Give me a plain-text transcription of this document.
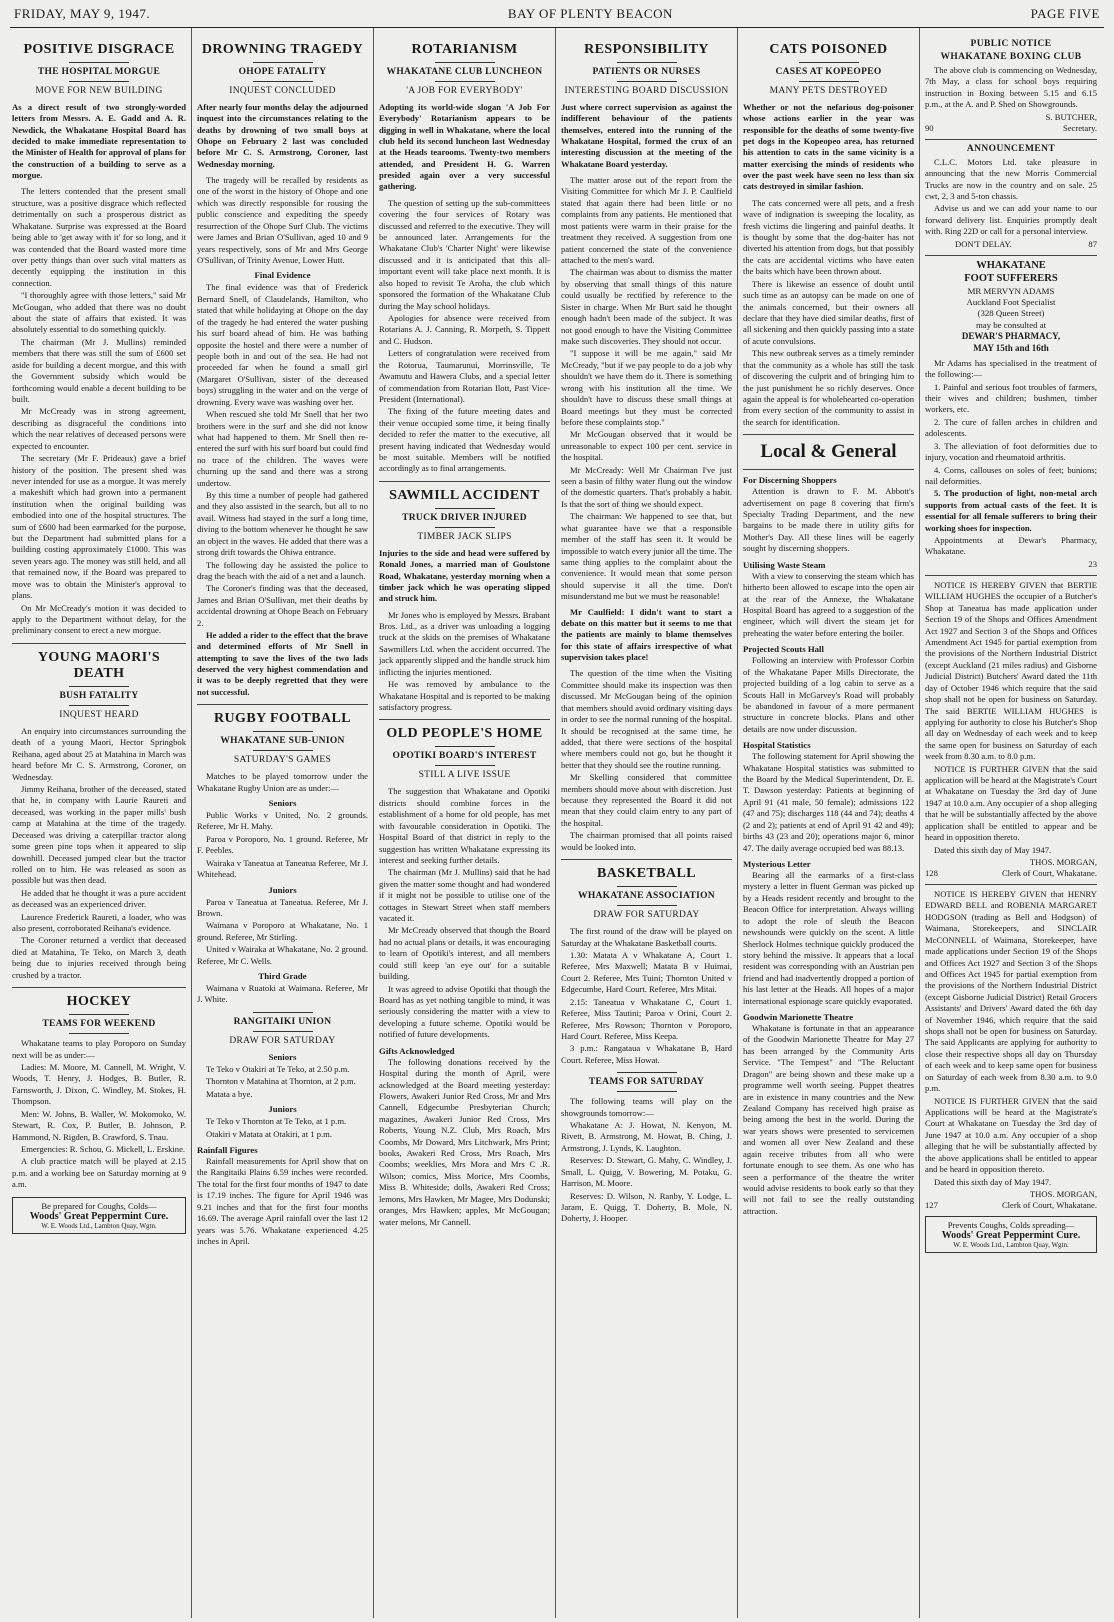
FRIDAY, MAY 9, 1947.	BAY OF PLENTY BEACON	PAGE FIVE
POSITIVE DISGRACE
THE HOSPITAL MORGUE
MOVE FOR NEW BUILDING
As a direct result of two strongly-worded letters from Messrs. A. E. Gadd and A. R. Newdick, the Whakatane Hospital Board has decided to make immediate representation to the Minister of Health for approval of plans for the construction of a building to serve as a morgue.
The letters contended that the present small structure, was a positive disgrace which reflected detrimentally on such a prosperous district as Whakatane. Surprise was expressed at the Board being able to 'get away with it' for so long, and it was contended that the Board wasted more time over petty things than over such vital matters as decently equipping the institution in this connection.
"I thoroughly agree with those letters," said Mr McGougan, who added that there was no doubt about the state of affairs that existed. It was absolutely essential to do something quickly.
The chairman (Mr J. Mullins) reminded members that there was still the sum of £600 set aside for building a decent morgue, and this with the Government subsidy which would be forthcoming would enable a decent building to be built.
Mr McCready was in strong agreement, describing as disgraceful the conditions into which the near relatives of deceased persons were expected to encounter.
The secretary (Mr F. Prideaux) gave a brief history of the position. The present shed was never intended for use as a morgue. It was merely a makeshift which had grown into a permanent institution when the original building was embodied into one of the hospital structures. The sum of £600 had been earmarked for the purpose, but the Department had submitted plans for a building costing approximately £1000. This was seven years ago. The money was still held, and all that remained now, if the Board was prepared to move was to obtain the Minister's approval to plans.
On Mr McCready's motion it was decided to apply to the Department without delay, for the preliminary consent to erect a new morgue.
YOUNG MAORI'S DEATH
BUSH FATALITY
INQUEST HEARD
An enquiry into circumstances surrounding the death of a young Maori, Hector Springbok Reihana, aged about 25 at Matahina in March was heard before Mr C. S. Armstrong, Coroner, on Wednesday.
Jimmy Reihana, brother of the deceased, stated that he, in company with Laurie Raureti and deceased, was working in the paper mills' bush camp at Matahina at the time of the tragedy. Deceased was driving a caterpillar tractor along some green pine tops when it appeared to slip downhill. Deceased jumped clear but the tractor rolled on to him. He was released as soon as possible but was then dead.
He added that he thought it was a pure accident as deceased was an experienced driver.
Laurence Frederick Raureti, a loader, who was also present, corroborated Reihana's evidence.
The Coroner returned a verdict that deceased died at Matahina, Te Teko, on March 3, death being due to injuries received through being crushed by a tractor.
HOCKEY
TEAMS FOR WEEKEND
Whakatane teams to play Poroporo on Sunday next will be as under:—
Ladies: M. Moore, M. Cannell, M. Wright, V. Woods, T. Henry, J. Hodges, B. Butler, R. Farnsworth, J. Dixon, C. Windley, M. Stokes, H. Thompson.
Men: W. Johns, B. Waller, W. Mokomoko, W. Stewart, R. Cox, P. Butler, B. Johnson, P. Hammond, N. Rigden, B. Crawford, S. Tnau.
Emergencies: R. Schou, G. Mickell, L. Erskine.
A club practice match will be played at 2.15 p.m. and a working bee on Saturday morning at 9 a.m.
Be prepared for Coughs, Colds—
Woods' Great Peppermint Cure.
W. E. Woods Ltd., Lambton Quay, Wgtn.
DROWNING TRAGEDY
OHOPE FATALITY
INQUEST CONCLUDED
After nearly four months delay the adjourned inquest into the circumstances relating to the deaths by drowning of two small boys at Ohope on February 2 last was concluded before Mr C. S. Armstrong, Coroner, last Wednesday morning.
The tragedy will be recalled by residents as one of the worst in the history of Ohope and one which was directly responsible for rousing the public conscience and expediting the speedy resurrection of the Ohope Surf Club. The victims were James and Brian O'Sullivan, aged 10 and 9 years respectively, sons of Mr and Mrs George O'Sullivan, of Trinity Avenue, Lower Hutt.
Final Evidence
The final evidence was that of Frederick Bernard Snell, of Claudelands, Hamilton, who stated that while holidaying at Ohope on the day of the tragedy he had entered the water pushing his surf board ahead of him. He was bathing opposite the hostel and there were a number of people both in and out of the sea. He had not proceeded far when he found a small girl (Margaret O'Sullivan, sister of the deceased boys) struggling in the water and on the verge of drowning. Every wave was washing over her.
When rescued she told Mr Snell that her two brothers were in the surf and she did not know what had happened to them. Mr Snell then re-entered the surf with his surf board but could find no trace of the children. The waves were churning up the sand and there was a strong undertow.
By this time a number of people had gathered and they also assisted in the search, but all to no avail. Witness had stayed in the surf a long time, diving to the bottom whenever he thought he saw an object in the waves. He added that there was a strong drift towards the Ohiwa entrance.
The following day he assisted the police to drag the beach with the aid of a net and a launch.
The Coroner's finding was that the deceased, James and Brian O'Sullivan, met their deaths by accidental drowning at Ohope Beach on February 2.
He added a rider to the effect that the brave and determined efforts of Mr Snell in attempting to save the lives of the two lads deserved the very highest commendation and it was to be deeply regretted that they were not successful.
RUGBY FOOTBALL
WHAKATANE SUB-UNION
SATURDAY'S GAMES
Matches to be played tomorrow under the Whakatane Rugby Union are as under:—
Seniors
Public Works v United, No. 2 grounds. Referee, Mr H. Mahy.
Paroa v Poroporo, No. 1 ground. Referee, Mr F. Peebles.
Wairaka v Taneatua at Taneatua Referee, Mr J. Whitehead.
Juniors
Paroa v Taneatua at Taneatua. Referee, Mr J. Brown.
Waimana v Poroporo at Whakatane, No. 1 ground. Referee, Mr Stirling.
United v Wairaka at Whakatane, No. 2 ground. Referee, Mr C. Wells.
Third Grade
Waimana v Ruatoki at Waimana. Referee, Mr J. White.
RANGITAIKI UNION
DRAW FOR SATURDAY
Seniors
Te Teko v Otakiri at Te Teko, at 2.50 p.m.
Thornton v Matahina at Thornton, at 2 p.m.
Matata a bye.
Juniors
Te Teko v Thornton at Te Teko, at 1 p.m.
Otakiri v Matata at Otakiri, at 1 p.m.
Rainfall Figures
Rainfall measurements for April show that on the Rangitaiki Plains 6.59 inches were recorded. The total for the first four months of 1947 to date is 17.19 inches. The figure for April 1946 was 9.21 inches and that for the first four months 16.69. The average April rainfall over the last 12 years was 5.76. Whakatane experienced 4.25 inches in April.
ROTARIANISM
WHAKATANE CLUB LUNCHEON
'A JOB FOR EVERYBODY'
Adopting its world-wide slogan 'A Job For Everybody' Rotarianism appears to be digging in well in Whakatane, where the local club held its second luncheon last Wednesday at the Heads tearooms. Twenty-two members attended, and President H. G. Warren presided again over a very successful gathering.
The question of setting up the sub-committees covering the four services of Rotary was discussed and referred to the executive. They will be announced later. Arrangements for the Whakatane Club's 'Charter Night' were likewise discussed and it is anticipated that this all-important event will take place next month. It is also hoped to revisit Te Aroha, the club which sponsored the formation of the Whakatane Club during the May school holidays.
Apologies for absence were received from Rotarians A. J. Canning, R. Morpeth, S. Tippett and C. Hudson.
Letters of congratulation were received from the Rotorua, Taumarunui, Morrinsville, Te Awamutu and Hawera Clubs, and a special letter of commendation from Rotarian Ilott, Past Vice-President (International).
The fixing of the future meeting dates and their venue occupied some time, it being finally decided to refer the matter to the executive, all present having indicated that Wednesday would be most suitable. Members will be notified accordingly as to final arrangements.
SAWMILL ACCIDENT
TRUCK DRIVER INJURED
TIMBER JACK SLIPS
Injuries to the side and head were suffered by Ronald Jones, a married man of Goulstone Road, Whakatane, yesterday morning when a timber jack which he was operating slipped and struck him.
Mr Jones who is employed by Messrs. Brabant Bros. Ltd., as a driver was unloading a logging truck at the skids on the premises of Whakatane Sawmillers Ltd. when the accident occurred. The jack apparently slipped and the handle struck him inflicting the injuries mentioned.
He was removed by ambulance to the Whakatane Hospital and is reported to be making satisfactory progress.
OLD PEOPLE'S HOME
OPOTIKI BOARD'S INTEREST
STILL A LIVE ISSUE
The suggestion that Whakatane and Opotiki districts should combine forces in the establishment of a home for old people, has met with favourable consideration in Opotiki. The Hospital Board of that district in reply to the suggestion has written Whakatane expressing its interest and seeking further details.
The chairman (Mr J. Mullins) said that he had given the matter some thought and had wondered if it might not be possible to utilise one of the cottages in Stewart Street when staff members vacated it.
Mr McCready observed that though the Board had no actual plans or details, it was encouraging to learn of Opotiki's interest, and all members could still keep 'an eye out' for a suitable building.
It was agreed to advise Opotiki that though the Board has as yet nothing tangible to mind, it was seriously considering the matter with a view to developing a future scheme. Opotiki would be notified of future developments.
Gifts Acknowledged
The following donations received by the Hospital during the month of April, were acknowledged at the Board meeting yesterday: Flowers, Awakeri Junior Red Cross, Mr and Mrs Cannell, Edgecumbe Presbyterian Church; magazines, Awakeri Junior Red Cross, Mrs Roberts, Young N.Z. Club, Mrs Roach, Mrs Coombs, Mr Doward, Mrs Litchwark, Mrs Print; books, Awakeri Red Cross, Mrs Roach, Mrs Coombs; weeklies, Mrs Mora and Mrs C .R. Wilson; comics, Miss Morice, Mrs Coombs, Miss B. Whiteside; dolls, Awakeri Red Cross; lemons, Mrs Hawken, Mr Magee, Mrs Dodunski; oranges, Mrs Hawken; apples, Mr McGougan; water melons, Mr Cannell.
RESPONSIBILITY
PATIENTS OR NURSES
INTERESTING BOARD DISCUSSION
Just where correct supervision as against the indifferent behaviour of the patients themselves, entered into the running of the Whakatane Hospital, formed the crux of an interesting discussion at the meeting of the Whakatane Board yesterday.
The matter arose out of the report from the Visiting Committee for which Mr J. P. Caulfield stated that again there had been little or no complaints from any patients. He mentioned that most patients were warm in their praise for the treatment they received. A suggestion from one patient concerned the state of the convenience attached to the men's ward.
The chairman was about to dismiss the matter by observing that small things of this nature could usually be rectified by reference to the Sister in charge. When Mr Burt said he thought enough hadn't been made of the subject. It was not good enough to have the Visiting Committee make such discoveries. They should not occur.
"I suppose it will be me again," said Mr McCready, "but if we pay people to do a job why shouldn't we have them do it. There is something wrong with his institution all the time. We shouldn't have to discuss these small things at Board meetings but they must be corrected before these complaints stop."
Mr McGougan observed that it would be unreasonable to expect 100 per cent. service in the hospital.
Mr McCready: Well Mr Chairman I've just seen a basin of filthy water flung out the window of the domestic quarters. That's probably a habit. Is that the sort of thing we should expect.
The chairman: We happened to see that, but what guarantee have we that a responsible member of the staff has seen it. It would be impossible to watch every junior all the time. The same thing applies to the complaint about the convenience. It would mean that some person should supervise it all the time. Don't misunderstand me but we must be reasonable!
Mr Caulfield: I didn't want to start a debate on this matter but it seems to me that the patients are mainly to blame themselves for this state of affairs irrespective of what supervision takes place!
The question of the time when the Visiting Committee should make its inspection was then discussed. Mr McGougan being of the opinion that members should avoid ordinary visiting days in order to see the normal running of the hospital. It should be recognised at the same time, he added, that there were sections of the hospital where members could not go, but he thought it better that they should see the routine running.
Mr Skelling considered that committee members should move about with discretion. Just because they represented the Board it did not mean that they could claim entry to any part of the hospital.
The chairman promised that all points raised would be looked into.
BASKETBALL
WHAKATANE ASSOCIATION
DRAW FOR SATURDAY
The first round of the draw will be played on Saturday at the Whakatane Basketball courts.
1.30: Matata A v Whakatane A, Court 1. Referee, Mrs Maxwell; Matata B v Huimai, Court 2. Referee, Mrs Tuini; Thornton United v Edgecumbe, Hard Court. Referee, Mrs Mitai.
2.15: Taneatua v Whakatane C, Court 1. Referee, Miss Tautini; Paroa v Orini, Court 2. Referee, Mrs Rowson; Thornton v Poroporo, Hard Court. Referee, Miss Keepa.
3 p.m.: Rangataua v Whakatane B, Hard Court. Referee, Miss Howat.
TEAMS FOR SATURDAY
The following teams will play on the showgrounds tomorrow:—
Whakatane A: J. Howat, N. Kenyon, M. Rivett, B. Armstrong, M. Howat, B. Ching, J. Armstrong, J. Lynds, K. Laughton.
Reserves: D. Stewart, G. Mahy, C. Windley, J. Small, L. Quigg, V. Bowering, M. Potaku, G. Harrison, M. Moore.
Reserves: D. Wilson, N. Ranby, Y. Lodge, L. Jaram, E. Quigg, T. Doherty, B. Mole, N. Doherty, J. Hooper.
CATS POISONED
CASES AT KOPEOPEO
MANY PETS DESTROYED
Whether or not the nefarious dog-poisoner whose actions earlier in the year was responsible for the deaths of some twenty-five pet dogs in the Kopeopeo area, has returned his attention to cats in the same vicinity is a matter exercising the minds of residents who over the past week have seen no less than six cats destroyed in similar fashion.
The cats concerned were all pets, and a fresh wave of indignation is sweeping the locality, as fresh victims die lingering and painful deaths. It is thought by some that the dog-baiter has not diverted his attention from dogs, but that possibly the cats are accidental victims who have eaten the baits which have been thrown about.
There is likewise an essence of doubt until such time as an autopsy can be made on one of the animals concerned, but their owners all declare that they have died similar deaths, first of all sickening and then quickly passing into a state of acute convulsions.
This new outbreak serves as a timely reminder that the community as a whole has still the task of discovering the culprit and of bringing him to the just punishment he so richly deserves. Once again the appeal is for wholehearted co-operation from every section of the community to assist in the search for identification.
Local & General
For Discerning Shoppers
Attention is drawn to F. M. Abbott's advertisement on page 8 covering that firm's Specialty Trading Department, and the new bargains to be made there in utility gifts for Mother's Day. All these lines will be eagerly sought by discerning shoppers.
Utilising Waste Steam
With a view to conserving the steam which has hitherto been allowed to escape into the open air at the rear of the Annexe, the Whakatane Hospital Board has agreed to a suggestion of the engineer, which will divert the steam jet for preheating the water before entering the boiler.
Projected Scouts Hall
Following an interview with Professor Corbin of the Whakatane Paper Mills Directorate, the projected building of a log cabin to serve as a Scouts Hall in McGarvey's Road will probably be abandoned in favour of a more permanent structure in concrete blocks. Plans and other details are now under discussion.
Hospital Statistics
The following statement for April showing the Whakatane Hospital statistics was submitted to the Board by the Medical Superintendent, Dr. E. T. Dawson yesterday: Patients at beginning of April 91 (41 male, 50 female); admissions 122 (47 and 75); discharges 118 (44 and 74); deaths 4 (2 and 2); patients at end of April 91 42 and 49); births 43 (23 and 20); operations major 6, minor 47. The daily average occupied bed was 88.13.
Mysterious Letter
Bearing all the earmarks of a first-class mystery a letter in fluent German was picked up by a Heads resident recently and brought to the Beacon Office for interpretation. Always willing to adopt the role of sleuth the Beacon newshounds were quickly on the scent. A little Sherlock Holmes technique quickly produced the story behind the missive. It appears that a local resident was corresponding with an Austrian pen friend and had inadvertently dropped a portion of his last letter at the Heads. All hopes of a major international espionage scare quickly evaporated.
Goodwin Marionette Theatre
Whakatane is fortunate in that an appearance of the Goodwin Marionette Theatre for May 27 has been arranged by the Community Arts Service. "The Tempest" and "The Reluctant Dragon" are being shown and these make up a programme well worth seeing. Puppet theatres are in existence in many countries and the New Zealand Company has received high praise as being among the best in the world. During the war years shows were presented to servicemen and women all over New Zealand and these again receive tributes from all who were fortunate enough to see them. As one who has seen a performance of the theatre the writer would advise residents to book early so that they will not fail to see the really outstanding attraction.
PUBLIC NOTICE
WHAKATANE BOXING CLUB
The above club is commencing on Wednesday, 7th May, a class for school boys requiring instruction in Boxing between 5.15 and 6.15 p.m., at the A. and P. Shed on Showgrounds.
S. BUTCHER,
90	Secretary.
ANNOUNCEMENT
C.L.C. Motors Ltd. take pleasure in announcing that the new Morris Commercial Trucks are now in the country and on sale. 25 cwt, 2, 3 and 5-ton chassis.
Advise us and we can add your name to our forward delivery list. Enquiries promptly dealt with. Ring 22D or call for a personal interview.
DON'T DELAY.	87
WHAKATANE
FOOT SUFFERERS
MR MERVYN ADAMS
Auckland Foot Specialist
(328 Queen Street)
may be consulted at
DEWAR'S PHARMACY,
MAY 15th and 16th
Mr Adams has specialised in the treatment of the following:—
1. Painful and serious foot troubles of farmers, their wives and children; bushmen, timber workers, etc.
2. The cure of fallen arches in children and adolescents.
3. The alleviation of foot deformities due to injury, vocation and rheumatoid arthritis.
4. Corns, callouses on soles of feet; bunions; nail deformities.
5. The production of light, non-metal arch supports from actual casts of the feet. It is essential for all female sufferers to bring their working shoes for inspection.
Appointments at Dewar's Pharmacy, Whakatane.
23
NOTICE IS HEREBY GIVEN that BERTIE WILLIAM HUGHES the occupier of a Butcher's Shop at Taneatua has made application under Section 19 of the Shops and Offices Amendment Act 1927 and Section 3 of the Shops and Offices Amendment Act 1945 for partial exemption from the provisions of the Northern Industrial District (except Auckland (21 miles radius) and Gisborne Judicial District) Butchers' Award dated the 11th day of October 1946 which require that the said shop shall not be open for business on Saturday. The said BERTIE WILLIAM HUGHES is applying for authority to close his Butcher's Shop all day on Wednesday of each week and to keep the same open for business on Saturday of each week from 8.30 a.m. to 8.0 p.m.
NOTICE IS FURTHER GIVEN that the said application will be heard at the Magistrate's Court at Whakatane on Tuesday the 3rd day of June 1947 at 10.0 a.m. Any occupier of a shop alleging that he will be substantially affected by the above application shall be entitled to appear and be heard in opposition thereto.
Dated this sixth day of May 1947.
THOS. MORGAN,
128	Clerk of Court, Whakatane.
NOTICE IS HEREBY GIVEN that HENRY EDWARD BELL and ROBENIA MARGARET HODGSON (trading as Bell and Hodgson) of Waimana, Storekeepers, and SINCLAIR McCONNELL of Waimana, Storekeeper, have made applications under Section 19 of the Shops and Offices Act 1927 and Section 3 of the Shops and Offices Act 1945 for partial exemption from the provisions of the Northern Industrial District (except Gisborne Judicial District) Retail Grocers Assistants' and Drivers' Award dated the 6th day of November 1946, which require that the said shops shall not be open for business on Saturday. The said Applicants are applying for authority to close their respective shops all day on Thursday of each week and to keep same open for business on Saturday of each week from 8.30 a.m. to 9.0 p.m.
NOTICE IS FURTHER GIVEN that the said Applications will be heard at the Magistrate's Court at Whakatane on Tuesday the 3rd day of June 1947 at 10.0 a.m. Any occupier of a shop alleging that he will be substantially affected by the above applications shall be entitled to appear and be heard in opposition thereto.
Dated this sixth day of May 1947.
THOS. MORGAN,
127	Clerk of Court, Whakatane.
Prevents Coughs, Colds spreading—
Woods' Great Peppermint Cure.
W. E. Woods Ltd., Lambton Quay, Wgtn.
